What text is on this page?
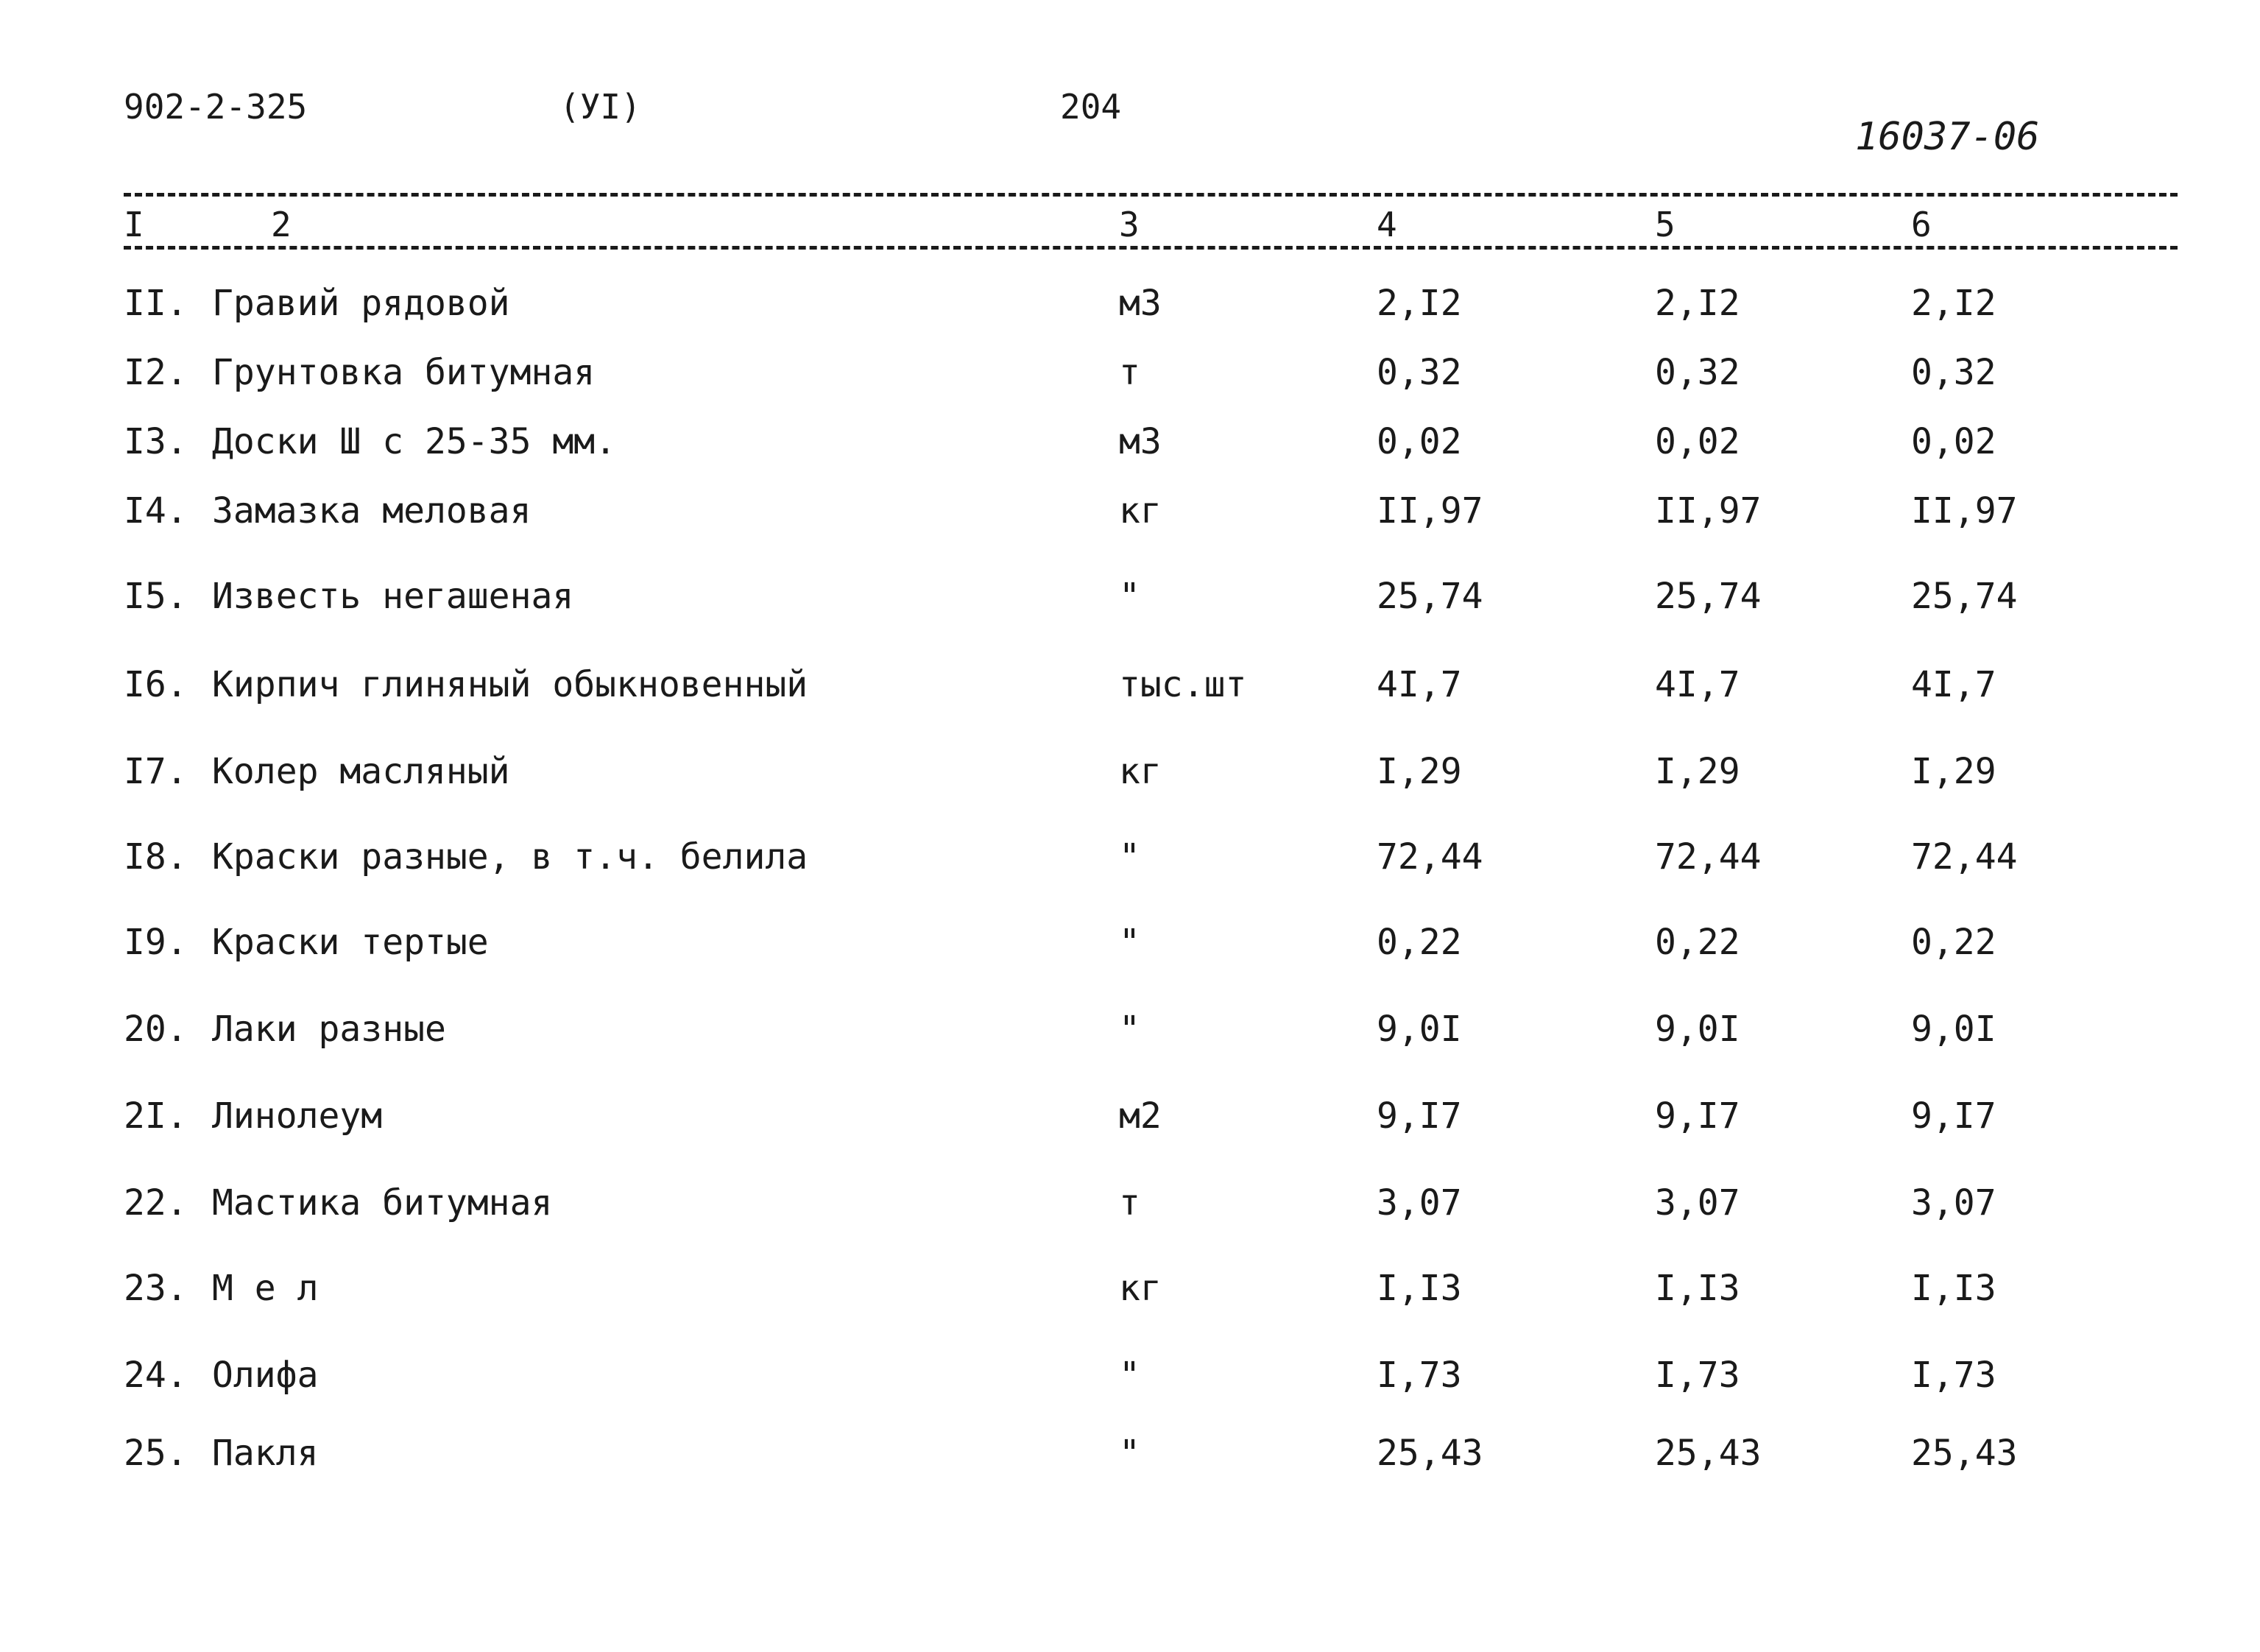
902-2-325	(УI)	204
16037-06
I	2	3	4	5	6
II. Гравий рядовой	м3	2,I2	2,I2	2,I2
I2. Грунтовка битумная	т	0,32	0,32	0,32
I3. Доски Ш с 25-35 мм.	м3	0,02	0,02	0,02
I4. Замазка меловая	кг	II,97	II,97	II,97
I5. Известь негашеная	"	25,74	25,74	25,74
I6. Кирпич глиняный обыкновенный	тыс.шт	4I,7	4I,7	4I,7
I7. Колер масляный	кг	I,29	I,29	I,29
I8. Краски разные, в т.ч. белила	"	72,44	72,44	72,44
I9. Краски тертые	"	0,22	0,22	0,22
20. Лаки разные	"	9,0I	9,0I	9,0I
2I. Линолеум	м2	9,I7	9,I7	9,I7
22. Мастика битумная	т	3,07	3,07	3,07
23. М е л	кг	I,I3	I,I3	I,I3
24. Олифа	"	I,73	I,73	I,73
25. Пакля	"	25,43	25,43	25,43
